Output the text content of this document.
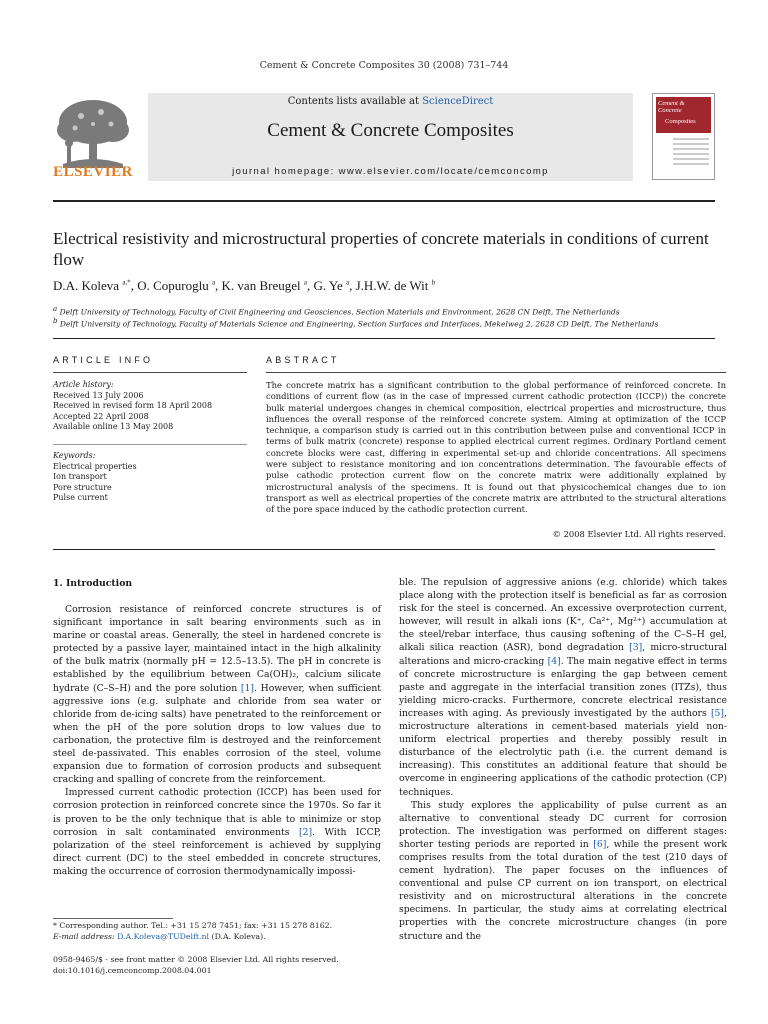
Cement & Concrete Composites 30 (2008) 731–744
ELSEVIER
Contents lists available at ScienceDirect
Cement & Concrete Composites
journal homepage: www.elsevier.com/locate/cemconcomp
Cement &
Concrete
Composites
Electrical resistivity and microstructural properties of concrete materials in conditions of current flow
D.A. Koleva $^{a,*}$, O. Copuroglu $^a$, K. van Breugel $^a$, G. Ye $^a$, J.H.W. de Wit $^b$
$^a$ Delft University of Technology, Faculty of Civil Engineering and Geosciences, Section Materials and Environment, 2628 CN Delft, The Netherlands
$^b$ Delft University of Technology, Faculty of Materials Science and Engineering, Section Surfaces and Interfaces, Mekelweg 2, 2628 CD Delft, The Netherlands
ARTICLE INFO
Article history:
Received 13 July 2006
Received in revised form 18 April 2008
Accepted 22 April 2008
Available online 13 May 2008
Keywords:
Electrical properties
Ion transport
Pore structure
Pulse current
ABSTRACT
The concrete matrix has a significant contribution to the global performance of reinforced concrete. In conditions of current flow (as in the case of impressed current cathodic protection (ICCP)) the concrete bulk material undergoes changes in chemical composition, electrical properties and microstructure, thus influences the overall response of the reinforced concrete system. Aiming at optimization of the ICCP technique, a comparison study is carried out in this contribution between pulse and conventional ICCP in terms of bulk matrix (concrete) response to applied electrical current regimes. Ordinary Portland cement concrete blocks were cast, differing in experimental set-up and chloride concentrations. All specimens were subject to resistance monitoring and ion concentrations determination. The favourable effects of pulse cathodic protection current flow on the concrete matrix were additionally explained by microstructural analysis of the specimens. It is found out that physicochemical changes due to ion transport as well as electrical properties of the concrete matrix are attributed to the structural alterations of the pore space induced by the cathodic protection current.
© 2008 Elsevier Ltd. All rights reserved.
1. Introduction

Corrosion resistance of reinforced concrete structures is of significant importance in salt bearing environments such as in marine or coastal areas. Generally, the steel in hardened concrete is protected by a passive layer, maintained intact in the high alkalinity of the bulk matrix (normally pH = 12.5–13.5). The pH in concrete is established by the equilibrium between Ca(OH)₂, calcium silicate hydrate (C–S–H) and the pore solution [1]. However, when sufficient aggressive ions (e.g. sulphate and chloride from sea water or chloride from de-icing salts) have penetrated to the reinforcement or when the pH of the pore solution drops to low values due to carbonation, the protective film is destroyed and the reinforcement steel de-passivated. This enables corrosion of the steel, volume expansion due to formation of corrosion products and subsequent cracking and spalling of concrete from the reinforcement.

Impressed current cathodic protection (ICCP) has been used for corrosion protection in reinforced concrete since the 1970s. So far it is proven to be the only technique that is able to minimize or stop corrosion in salt contaminated environments [2]. With ICCP, polarization of the steel reinforcement is achieved by supplying direct current (DC) to the steel embedded in concrete structures, making the occurrence of corrosion thermodynamically impossi-

ble. The repulsion of aggressive anions (e.g. chloride) which takes place along with the protection itself is beneficial as far as corrosion risk for the steel is concerned. An excessive overprotection current, however, will result in alkali ions (K⁺, Ca²⁺, Mg²⁺) accumulation at the steel/rebar interface, thus causing softening of the C–S–H gel, alkali silica reaction (ASR), bond degradation [3], micro-structural alterations and micro-cracking [4]. The main negative effect in terms of concrete microstructure is enlarging the gap between cement paste and aggregate in the interfacial transition zones (ITZs), thus yielding micro-cracks. Furthermore, concrete electrical resistance increases with aging. As previously investigated by the authors [5], microstructure alterations in cement-based materials yield non-uniform electrical properties and thereby possibly result in disturbance of the electrolytic path (i.e. the current demand is increasing). This constitutes an additional feature that should be overcome in engineering applications of the cathodic protection (CP) techniques.

This study explores the applicability of pulse current as an alternative to conventional steady DC current for corrosion protection. The investigation was performed on different stages: shorter testing periods are reported in [6], while the present work comprises results from the total duration of the test (210 days of cement hydration). The paper focuses on the influences of conventional and pulse CP current on ion transport, on electrical resistivity and on microstructural alterations in the concrete specimens. In particular, the study aims at correlating electrical properties with the concrete microstructure changes (in pore structure and the

* Corresponding author. Tel.: +31 15 278 7451; fax: +31 15 278 8162.
E-mail address: D.A.Koleva@TUDelft.nl (D.A. Koleva).
0958-9465/$ - see front matter © 2008 Elsevier Ltd. All rights reserved.
doi:10.1016/j.cemconcomp.2008.04.001
